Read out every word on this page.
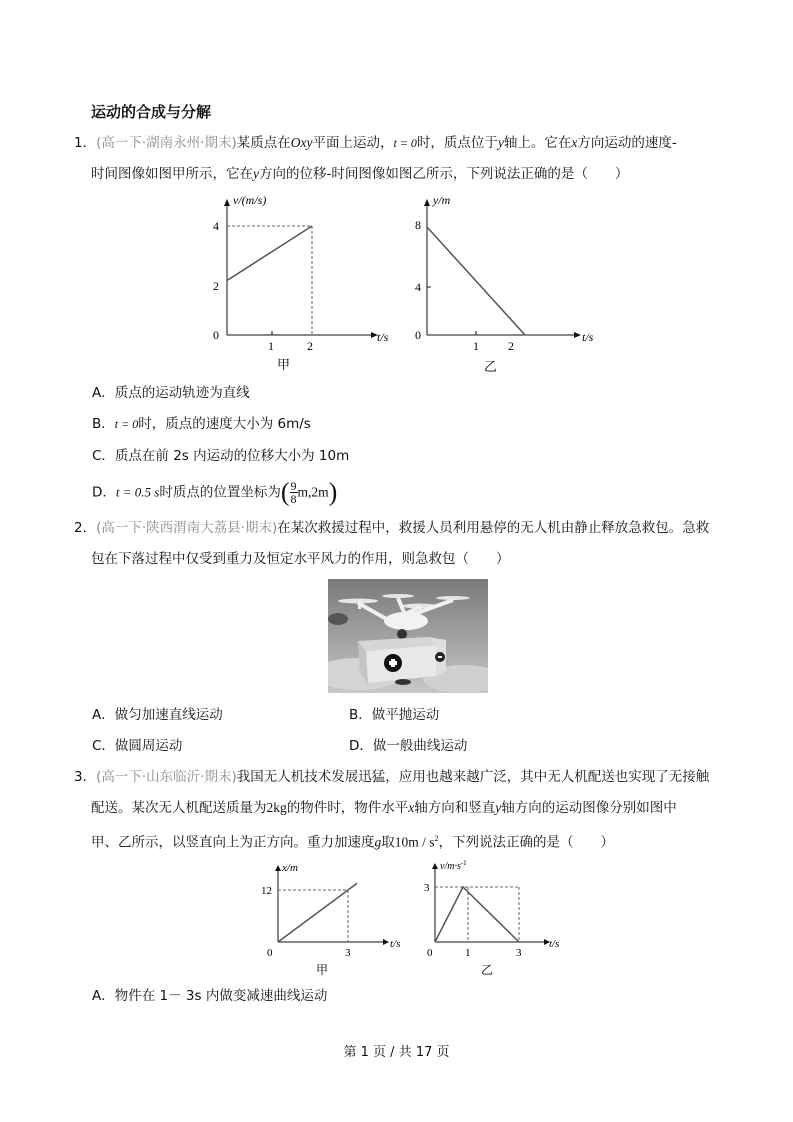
运动的合成与分解
1．(高一下·湖南永州·期末)某质点在Oxy平面上运动，t = 0时，质点位于y轴上。它在x方向运动的速度-
时间图像如图甲所示，它在y方向的位移-时间图像如图乙所示，下列说法正确的是（　　）
v/(m/s)
t/s
4
2
0
1	2
甲
y/m
t/s
8
4
0
1 2
乙
A．质点的运动轨迹为直线
B．t = 0时，质点的速度大小为 6m/s
C．质点在前 2s 内运动的位移大小为 10m
D．t = 0.5 s时质点的位置坐标为( $\frac{9}{8} m,2m$)
2．(高一下·陕西渭南大荔县·期末)在某次救援过程中，救援人员利用悬停的无人机由静止释放急救包。急救
包在下落过程中仅受到重力及恒定水平风力的作用，则急救包（　　）
A．做匀加速直线运动	B．做平抛运动
C．做圆周运动	D．做一般曲线运动
3．(高一下·山东临沂·期末)我国无人机技术发展迅猛，应用也越来越广泛，其中无人机配送也实现了无接触
配送。某次无人机配送质量为2kg的物件时，物件水平x轴方向和竖直y轴方向的运动图像分别如图中
甲、乙所示，以竖直向上为正方向。重力加速度g取$10m / s^2$，下列说法正确的是（　　）
x/m
t/s
12
0	3
甲
$v/m\cdot s^{-1}$
t/s
3
0	1	3
乙
A．物件在 1－ 3s 内做变减速曲线运动
第 1 页 / 共 17 页
